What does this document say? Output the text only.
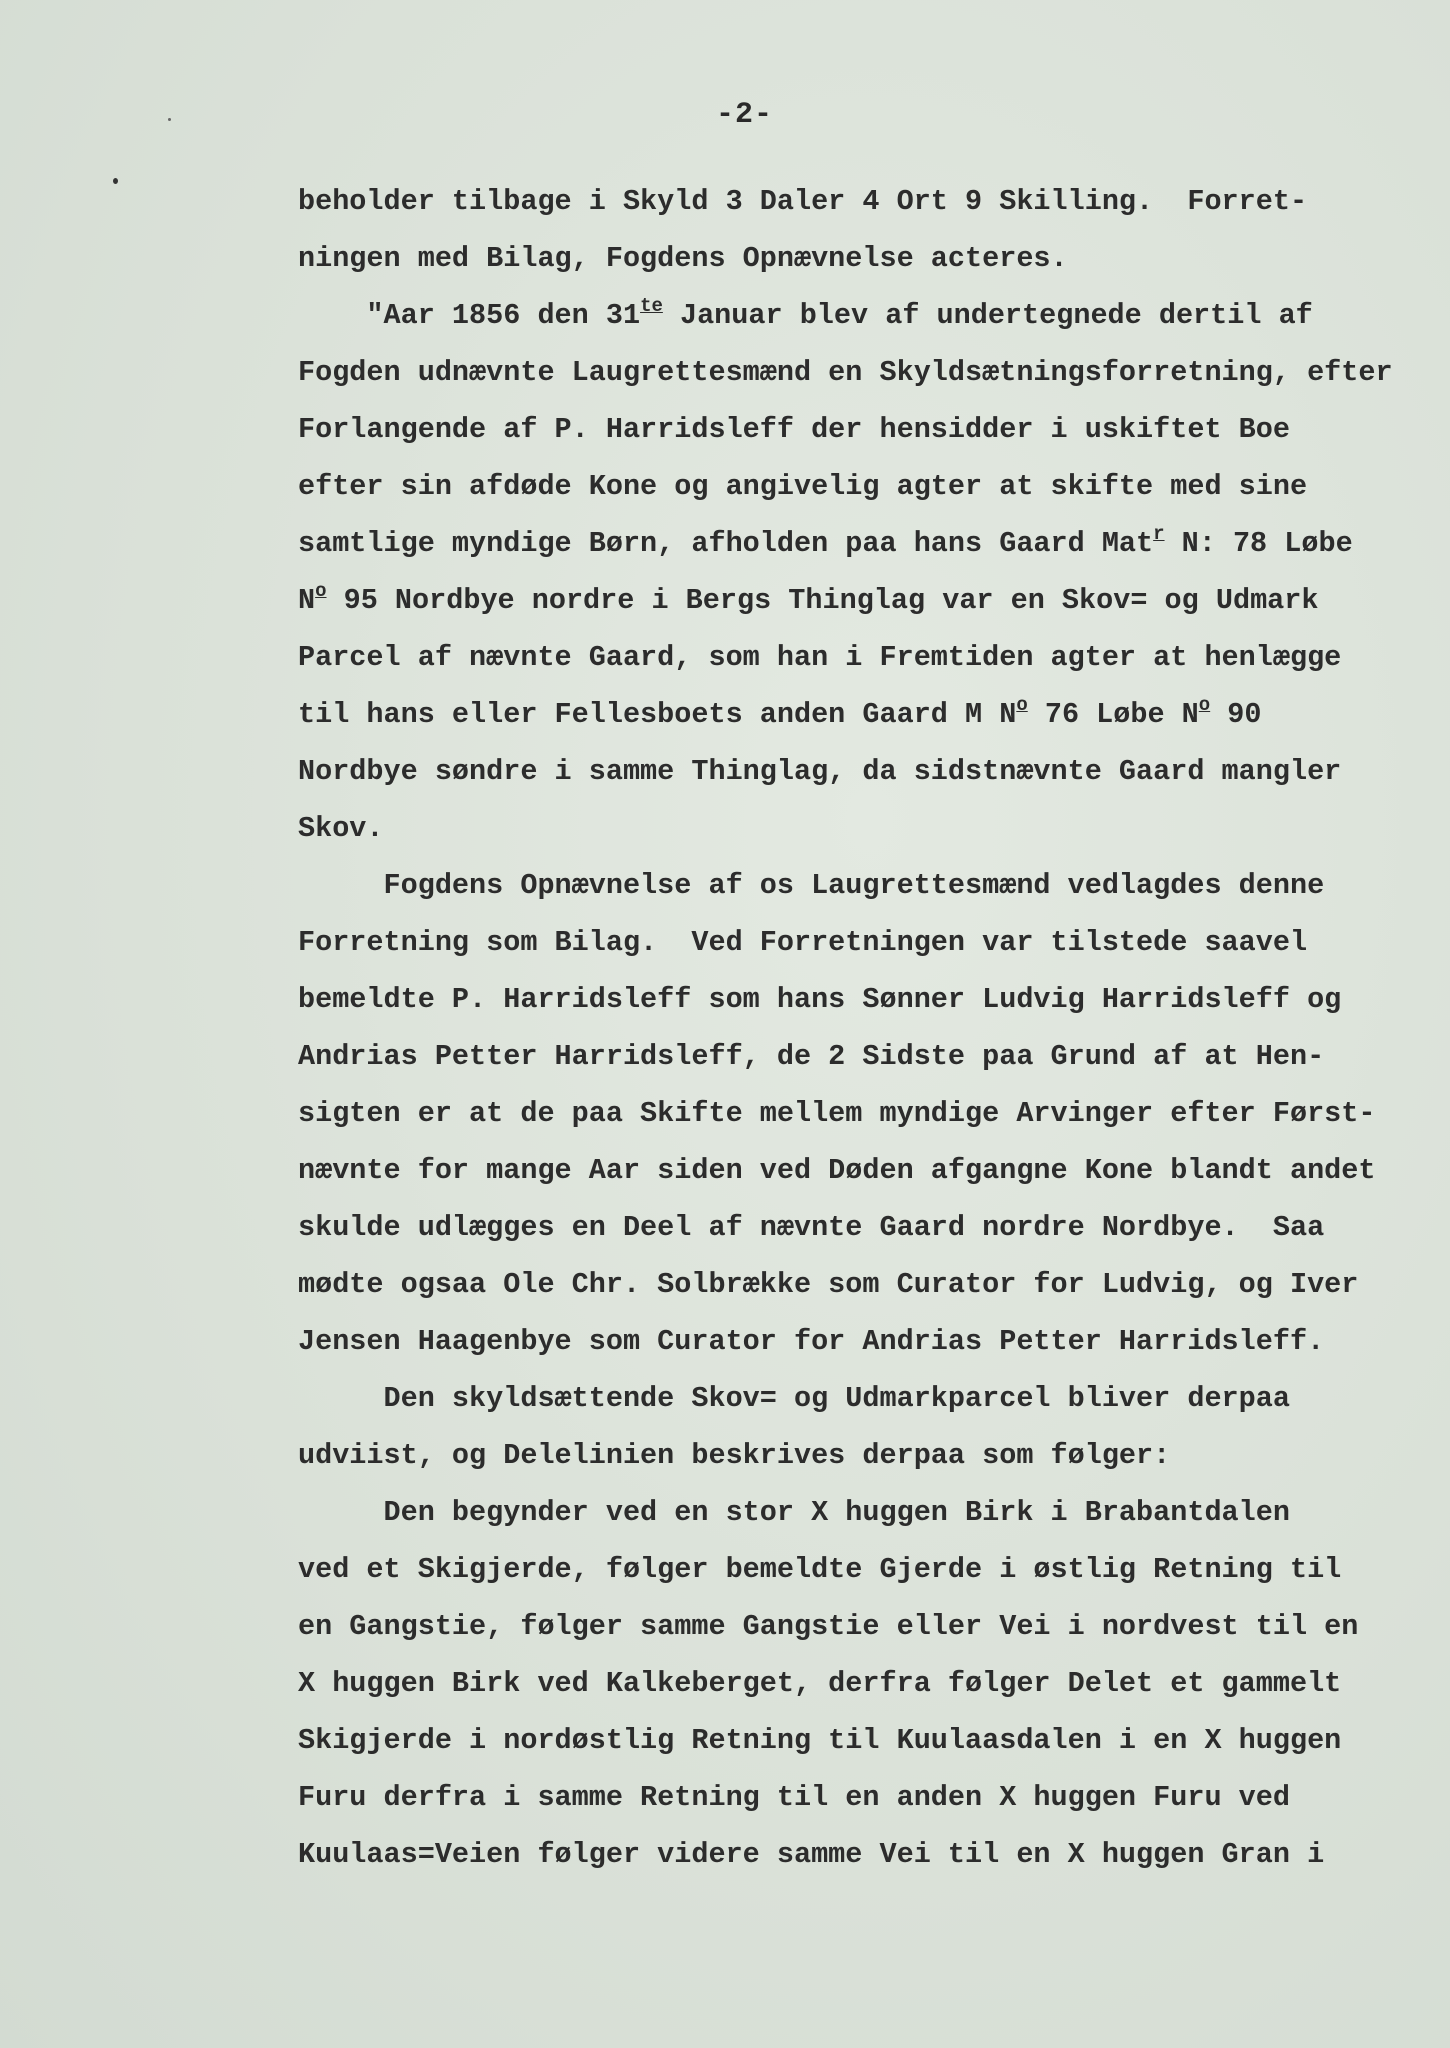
-2-
beholder tilbage i Skyld 3 Daler 4 Ort 9 Skilling.  Forret-
ningen med Bilag, Fogdens Opnævnelse acteres.
"Aar 1856 den $31^{te}$ Januar blev af undertegnede dertil af
Fogden udnævnte Laugrettesmænd en Skyldsætningsforretning, efter
Forlangende af P. Harridsleff der hensidder i uskiftet Boe
efter sin afdøde Kone og angivelig agter at skifte med sine
samtlige myndige Børn, afholden paa hans Gaard Mat$^r$ N: 78 Løbe
$N^o$ 95 Nordbye nordre i Bergs Thinglag var en Skov= og Udmark
Parcel af nævnte Gaard, som han i Fremtiden agter at henlægge
til hans eller Fellesboets anden Gaard M $N^o$ 76 Løbe $N^o$ 90
Nordbye søndre i samme Thinglag, da sidstnævnte Gaard mangler
Skov.
Fogdens Opnævnelse af os Laugrettesmænd vedlagdes denne
Forretning som Bilag.  Ved Forretningen var tilstede saavel
bemeldte P. Harridsleff som hans Sønner Ludvig Harridsleff og
Andrias Petter Harridsleff, de 2 Sidste paa Grund af at Hen-
sigten er at de paa Skifte mellem myndige Arvinger efter Først-
nævnte for mange Aar siden ved Døden afgangne Kone blandt andet
skulde udlægges en Deel af nævnte Gaard nordre Nordbye.  Saa
mødte ogsaa Ole Chr. Solbrække som Curator for Ludvig, og Iver
Jensen Haagenbye som Curator for Andrias Petter Harridsleff.
Den skyldsættende Skov= og Udmarkparcel bliver derpaa
udviist, og Delelinien beskrives derpaa som følger:
Den begynder ved en stor X huggen Birk i Brabantdalen
ved et Skigjerde, følger bemeldte Gjerde i østlig Retning til
en Gangstie, følger samme Gangstie eller Vei i nordvest til en
X huggen Birk ved Kalkeberget, derfra følger Delet et gammelt
Skigjerde i nordøstlig Retning til Kuulaasdalen i en X huggen
Furu derfra i samme Retning til en anden X huggen Furu ved
Kuulaas=Veien følger videre samme Vei til en X huggen Gran i
